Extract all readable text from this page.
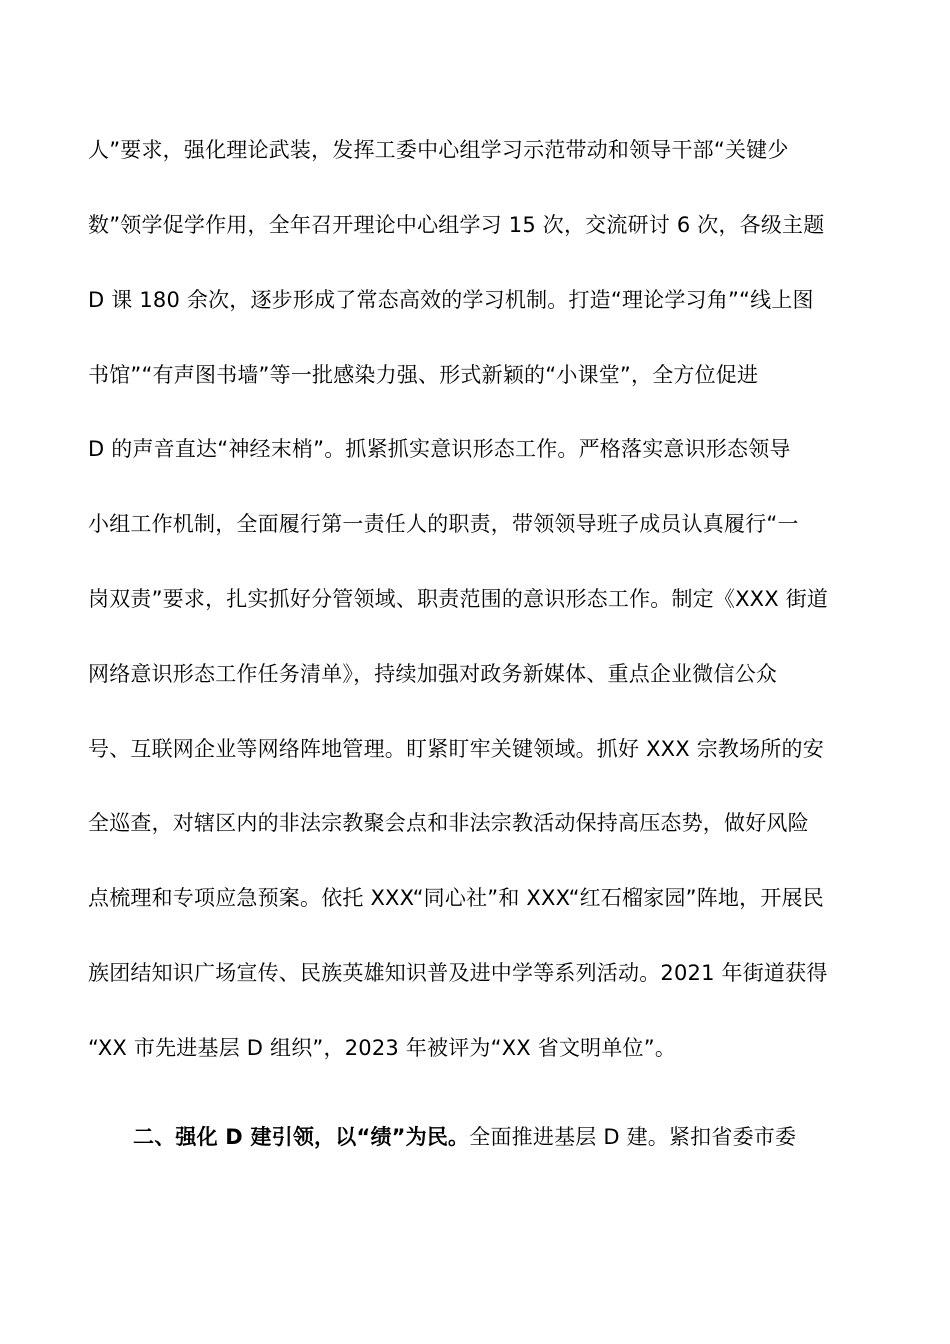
人”要求，强化理论武装，发挥工委中心组学习示范带动和领导干部“关键少
数”领学促学作用，全年召开理论中心组学习 15 次，交流研讨 6 次，各级主题
D 课 180 余次，逐步形成了常态高效的学习机制。打造“理论学习角”“线上图
书馆”“有声图书墙”等一批感染力强、形式新颖的“小课堂”，全方位促进
D 的声音直达“神经末梢”。抓紧抓实意识形态工作。严格落实意识形态领导
小组工作机制，全面履行第一责任人的职责，带领领导班子成员认真履行“一
岗双责”要求，扎实抓好分管领域、职责范围的意识形态工作。制定《XXX 街道
网络意识形态工作任务清单》，持续加强对政务新媒体、重点企业微信公众
号、互联网企业等网络阵地管理。盯紧盯牢关键领域。抓好 XXX 宗教场所的安
全巡查，对辖区内的非法宗教聚会点和非法宗教活动保持高压态势，做好风险
点梳理和专项应急预案。依托 XXX“同心社”和 XXX“红石榴家园”阵地，开展民
族团结知识广场宣传、民族英雄知识普及进中学等系列活动。2021 年街道获得
“XX 市先进基层 D 组织”，2023 年被评为“XX 省文明单位”。
二、强化 D 建引领，以“绩”为民。全面推进基层 D 建。紧扣省委市委
